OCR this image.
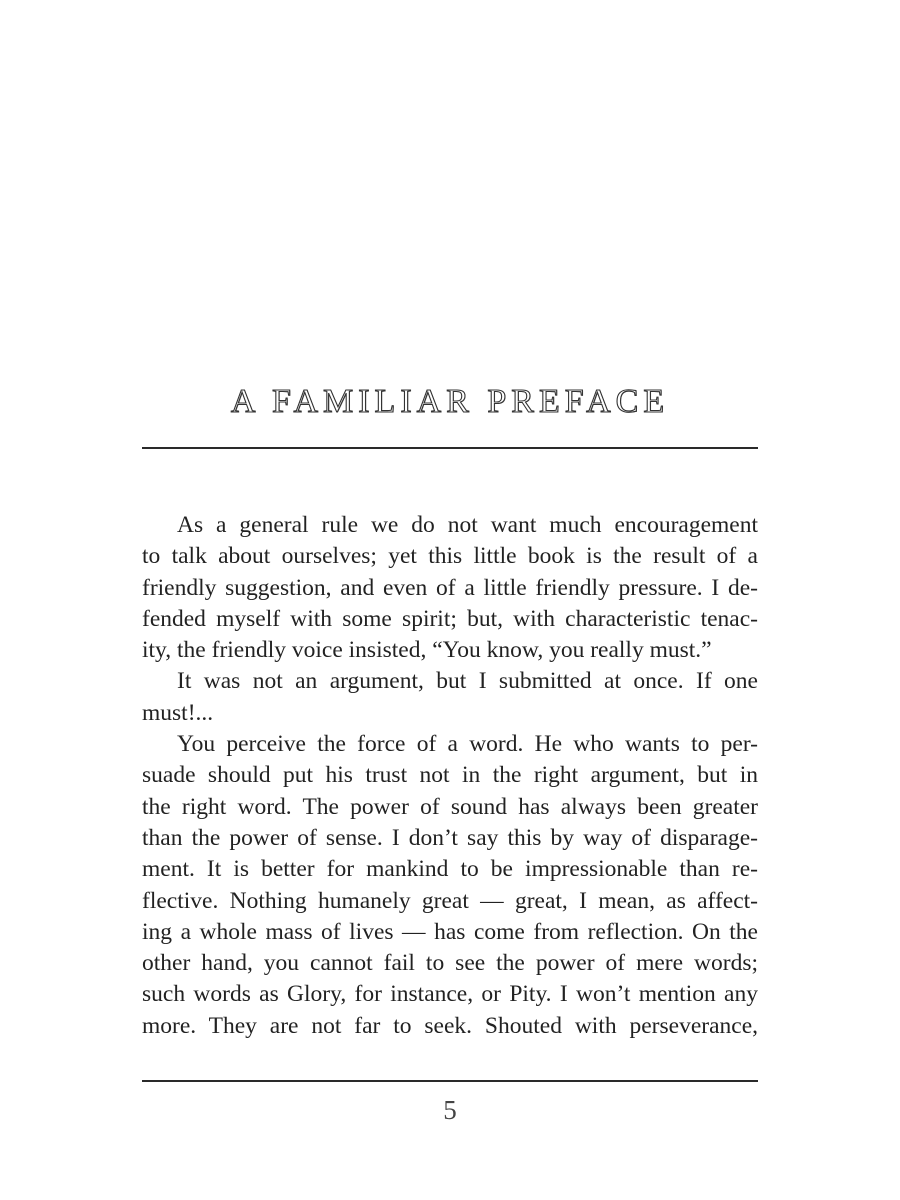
A FAMILIAR PREFACE
As a general rule we do not want much encouragement
to talk about ourselves; yet this little book is the result of a
friendly suggestion, and even of a little friendly pressure. I de-
fended myself with some spirit; but, with characteristic tenac-
ity, the friendly voice insisted, “You know, you really must.”
It was not an argument, but I submitted at once. If one
must!...
You perceive the force of a word. He who wants to per-
suade should put his trust not in the right argument, but in
the right word. The power of sound has always been greater
than the power of sense. I don’t say this by way of disparage-
ment. It is better for mankind to be impressionable than re-
flective. Nothing humanely great — great, I mean, as affect-
ing a whole mass of lives — has come from reflection. On the
other hand, you cannot fail to see the power of mere words;
such words as Glory, for instance, or Pity. I won’t mention any
more. They are not far to seek. Shouted with perseverance,
5
